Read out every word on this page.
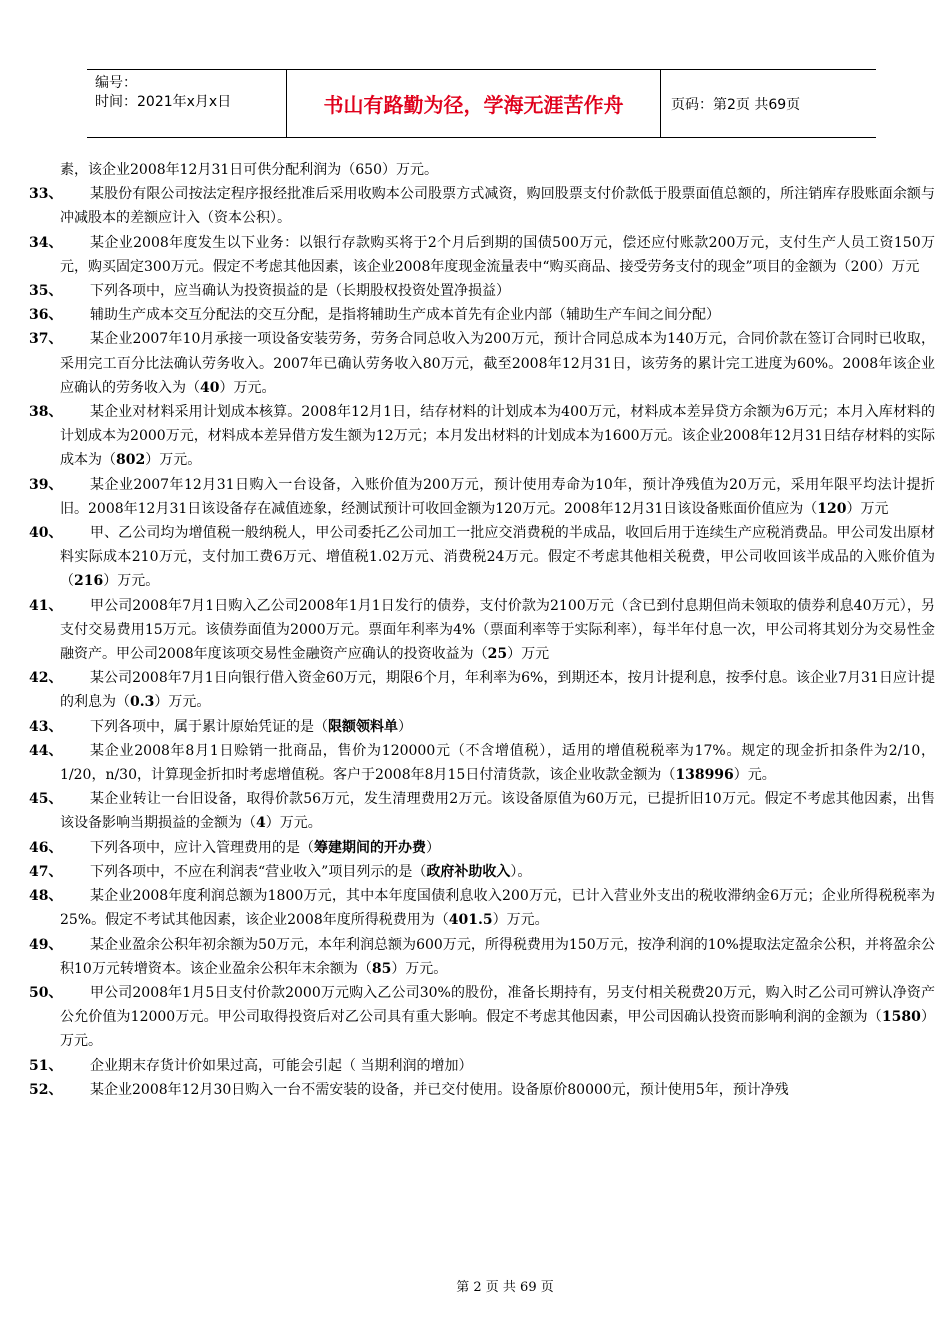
编号：
时间：2021年x月x日	书山有路勤为径，学海无涯苦作舟	页码：第2页 共69页
素，该企业2008年12月31日可供分配利润为（650）万元。
33、	某股份有限公司按法定程序报经批准后采用收购本公司股票方式减资，购回股票支付价款低于股票面值总额的，所注销库存股账面余额与冲减股本的差额应计入（资本公积）。
34、	某企业2008年度发生以下业务：以银行存款购买将于2个月后到期的国债500万元，偿还应付账款200万元，支付生产人员工资150万元，购买固定300万元。假定不考虑其他因素，该企业2008年度现金流量表中“购买商品、接受劳务支付的现金”项目的金额为（200）万元
35、	下列各项中，应当确认为投资损益的是（长期股权投资处置净损益）
36、	辅助生产成本交互分配法的交互分配，是指将辅助生产成本首先有企业内部（辅助生产车间之间分配）
37、	某企业2007年10月承接一项设备安装劳务，劳务合同总收入为200万元，预计合同总成本为140万元，合同价款在签订合同时已收取，采用完工百分比法确认劳务收入。2007年已确认劳务收入80万元，截至2008年12月31日，该劳务的累计完工进度为60%。2008年该企业应确认的劳务收入为（40）万元。
38、	某企业对材料采用计划成本核算。2008年12月1日，结存材料的计划成本为400万元，材料成本差异贷方余额为6万元；本月入库材料的计划成本为2000万元，材料成本差异借方发生额为12万元；本月发出材料的计划成本为1600万元。该企业2008年12月31日结存材料的实际成本为（802）万元。
39、	某企业2007年12月31日购入一台设备，入账价值为200万元，预计使用寿命为10年，预计净残值为20万元，采用年限平均法计提折旧。2008年12月31日该设备存在减值迹象，经测试预计可收回金额为120万元。2008年12月31日该设备账面价值应为（120）万元
40、	甲、乙公司均为增值税一般纳税人，甲公司委托乙公司加工一批应交消费税的半成品，收回后用于连续生产应税消费品。甲公司发出原材料实际成本210万元，支付加工费6万元、增值税1.02万元、消费税24万元。假定不考虑其他相关税费，甲公司收回该半成品的入账价值为（216）万元。
41、	甲公司2008年7月1日购入乙公司2008年1月1日发行的债券，支付价款为2100万元（含已到付息期但尚未领取的债券利息40万元），另支付交易费用15万元。该债券面值为2000万元。票面年利率为4%（票面利率等于实际利率），每半年付息一次，甲公司将其划分为交易性金融资产。甲公司2008年度该项交易性金融资产应确认的投资收益为（25）万元
42、	某公司2008年7月1日向银行借入资金60万元，期限6个月，年利率为6%，到期还本，按月计提利息，按季付息。该企业7月31日应计提的利息为（0.3）万元。
43、	下列各项中，属于累计原始凭证的是（限额领料单）
44、	某企业2008年8月1日赊销一批商品，售价为120000元（不含增值税），适用的增值税税率为17%。规定的现金折扣条件为2/10，1/20，n/30，计算现金折扣时考虑增值税。客户于2008年8月15日付清货款，该企业收款金额为（138996）元。
45、	某企业转让一台旧设备，取得价款56万元，发生清理费用2万元。该设备原值为60万元，已提折旧10万元。假定不考虑其他因素，出售该设备影响当期损益的金额为（4）万元。
46、	下列各项中，应计入管理费用的是（筹建期间的开办费）
47、	下列各项中，不应在利润表“营业收入”项目列示的是（政府补助收入）。
48、	某企业2008年度利润总额为1800万元，其中本年度国债利息收入200万元，已计入营业外支出的税收滞纳金6万元；企业所得税税率为25%。假定不考试其他因素，该企业2008年度所得税费用为（401.5）万元。
49、	某企业盈余公积年初余额为50万元，本年利润总额为600万元，所得税费用为150万元，按净利润的10%提取法定盈余公积，并将盈余公积10万元转增资本。该企业盈余公积年末余额为（85）万元。
50、	甲公司2008年1月5日支付价款2000万元购入乙公司30%的股份，准备长期持有，另支付相关税费20万元，购入时乙公司可辨认净资产公允价值为12000万元。甲公司取得投资后对乙公司具有重大影响。假定不考虑其他因素，甲公司因确认投资而影响利润的金额为（1580）万元。
51、	企业期末存货计价如果过高，可能会引起（ 当期利润的增加）
52、	某企业2008年12月30日购入一台不需安装的设备，并已交付使用。设备原价80000元，预计使用5年，预计净残
第 2 页 共 69 页
